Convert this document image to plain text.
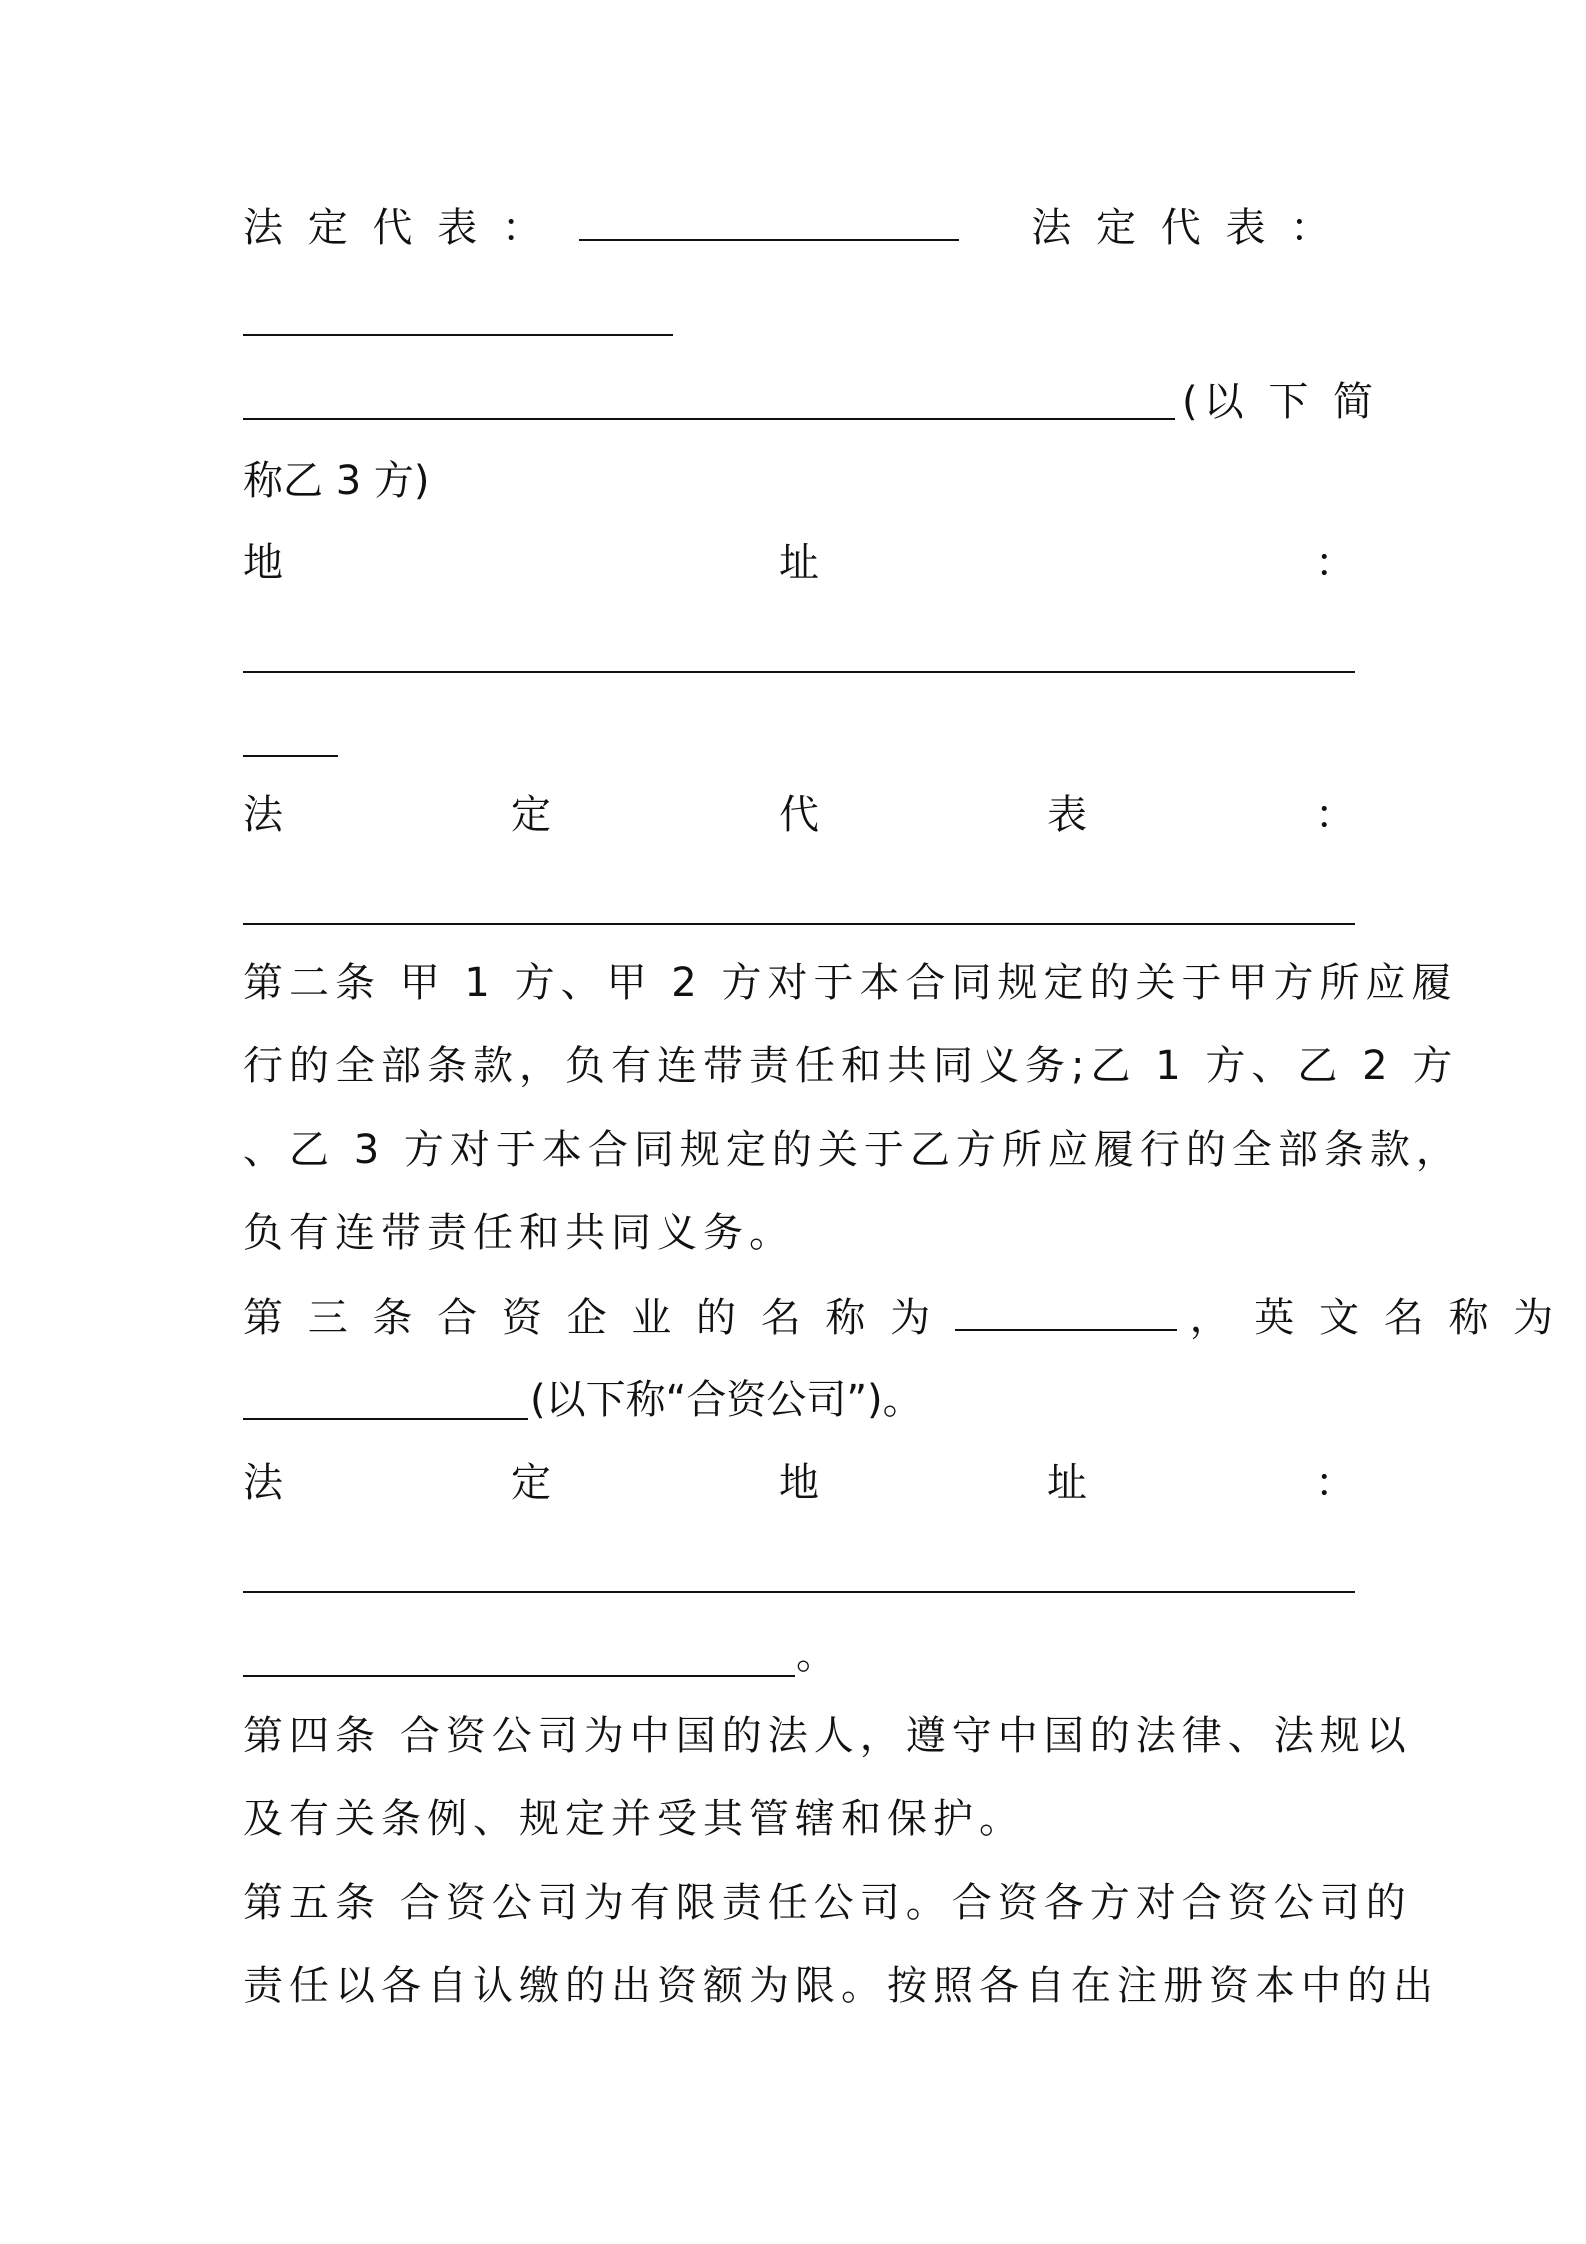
法 定 代 表 ：	法 定 代 表 ：
(以 下 简
称乙 3 方)
地	址	：
法	定	代	表	：
第二条 甲 1 方、甲 2 方对于本合同规定的关于甲方所应履
行的全部条款，负有连带责任和共同义务;乙 1 方、乙 2 方
、乙 3 方对于本合同规定的关于乙方所应履行的全部条款，
负有连带责任和共同义务。
第 三 条 合 资 企 业 的 名 称 为	， 英 文 名 称 为
(以下称“合资公司”)。
法	定	地	址	：
。
第四条 合资公司为中国的法人，遵守中国的法律、法规以
及有关条例、规定并受其管辖和保护。
第五条 合资公司为有限责任公司。合资各方对合资公司的
责任以各自认缴的出资额为限。按照各自在注册资本中的出
